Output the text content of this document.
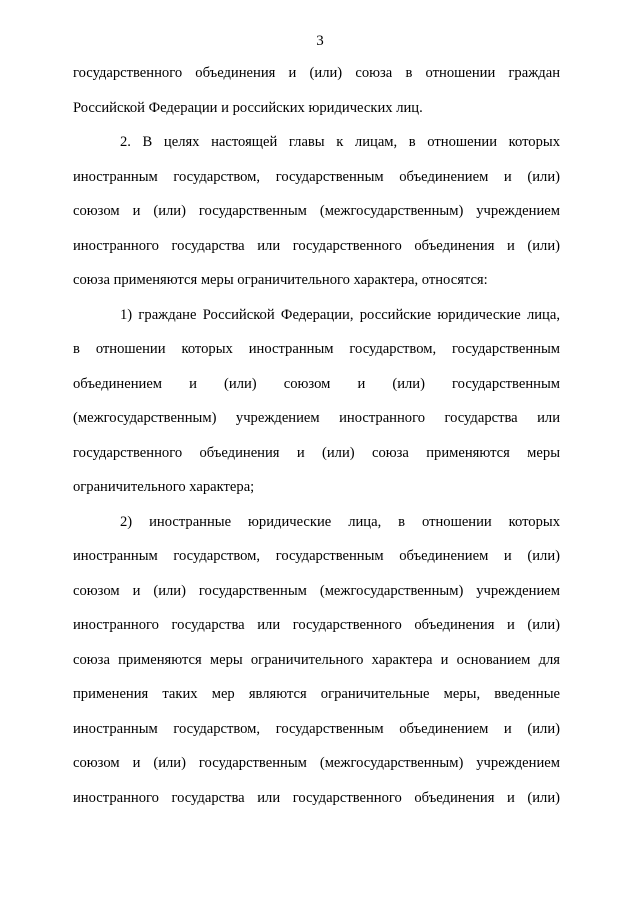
3
государственного объединения и (или) союза в отношении граждан
Российской Федерации и российских юридических лиц.
2. В целях настоящей главы к лицам, в отношении которых
иностранным государством, государственным объединением и (или)
союзом и (или) государственным (межгосударственным) учреждением
иностранного государства или государственного объединения и (или)
союза применяются меры ограничительного характера, относятся:
1) граждане Российской Федерации, российские юридические лица,
в отношении которых иностранным государством, государственным
объединением и (или) союзом и (или) государственным
(межгосударственным) учреждением иностранного государства или
государственного объединения и (или) союза применяются меры
ограничительного характера;
2) иностранные юридические лица, в отношении которых
иностранным государством, государственным объединением и (или)
союзом и (или) государственным (межгосударственным) учреждением
иностранного государства или государственного объединения и (или)
союза применяются меры ограничительного характера и основанием для
применения таких мер являются ограничительные меры, введенные
иностранным государством, государственным объединением и (или)
союзом и (или) государственным (межгосударственным) учреждением
иностранного государства или государственного объединения и (или)
